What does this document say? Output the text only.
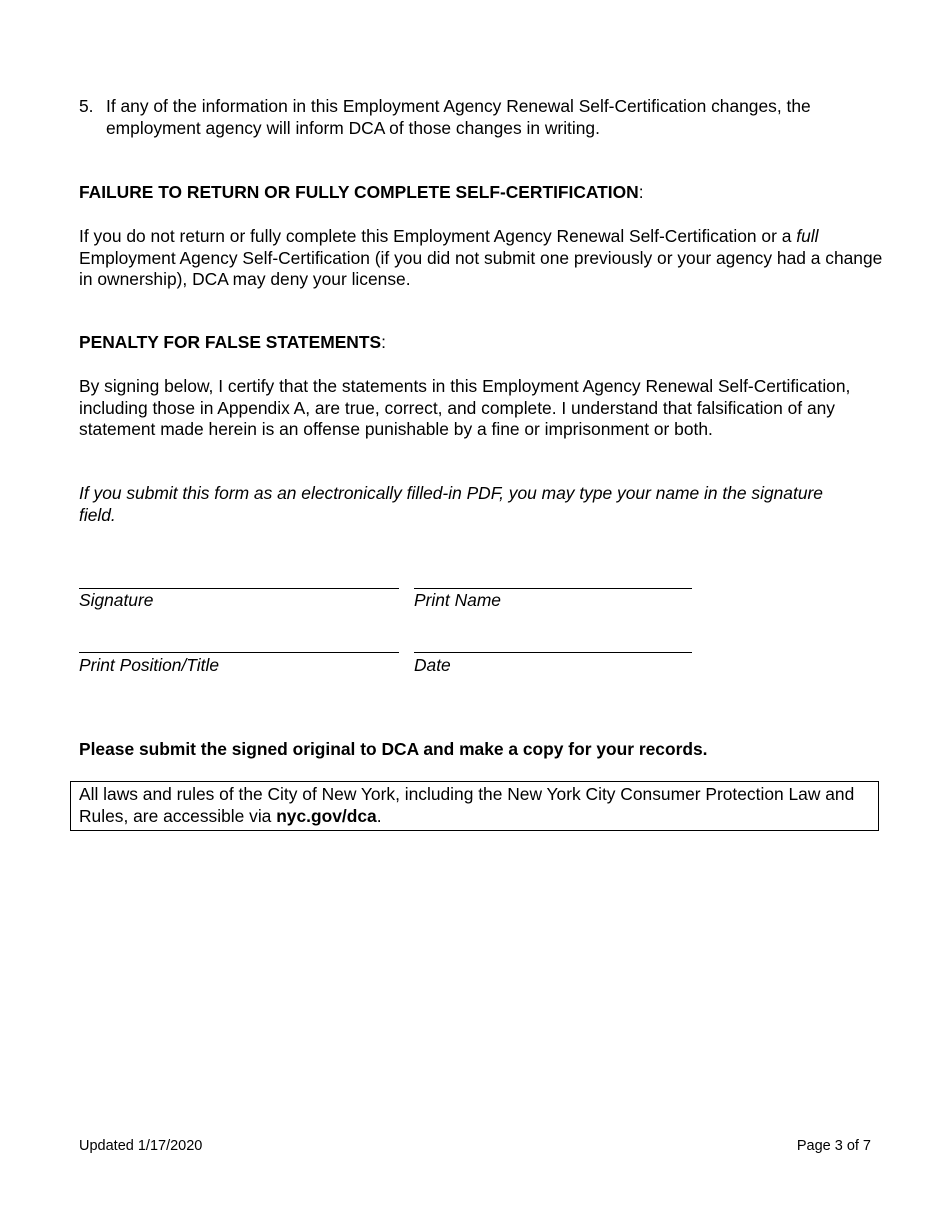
5. If any of the information in this Employment Agency Renewal Self-Certification changes, the employment agency will inform DCA of those changes in writing.
FAILURE TO RETURN OR FULLY COMPLETE SELF-CERTIFICATION:
If you do not return or fully complete this Employment Agency Renewal Self-Certification or a full Employment Agency Self-Certification (if you did not submit one previously or your agency had a change in ownership), DCA may deny your license.
PENALTY FOR FALSE STATEMENTS:
By signing below, I certify that the statements in this Employment Agency Renewal Self-Certification, including those in Appendix A, are true, correct, and complete. I understand that falsification of any statement made herein is an offense punishable by a fine or imprisonment or both.
If you submit this form as an electronically filled-in PDF, you may type your name in the signature field.
Signature	Print Name
Print Position/Title	Date
Please submit the signed original to DCA and make a copy for your records.
All laws and rules of the City of New York, including the New York City Consumer Protection Law and Rules, are accessible via nyc.gov/dca.
Updated 1/17/2020	Page 3 of 7
